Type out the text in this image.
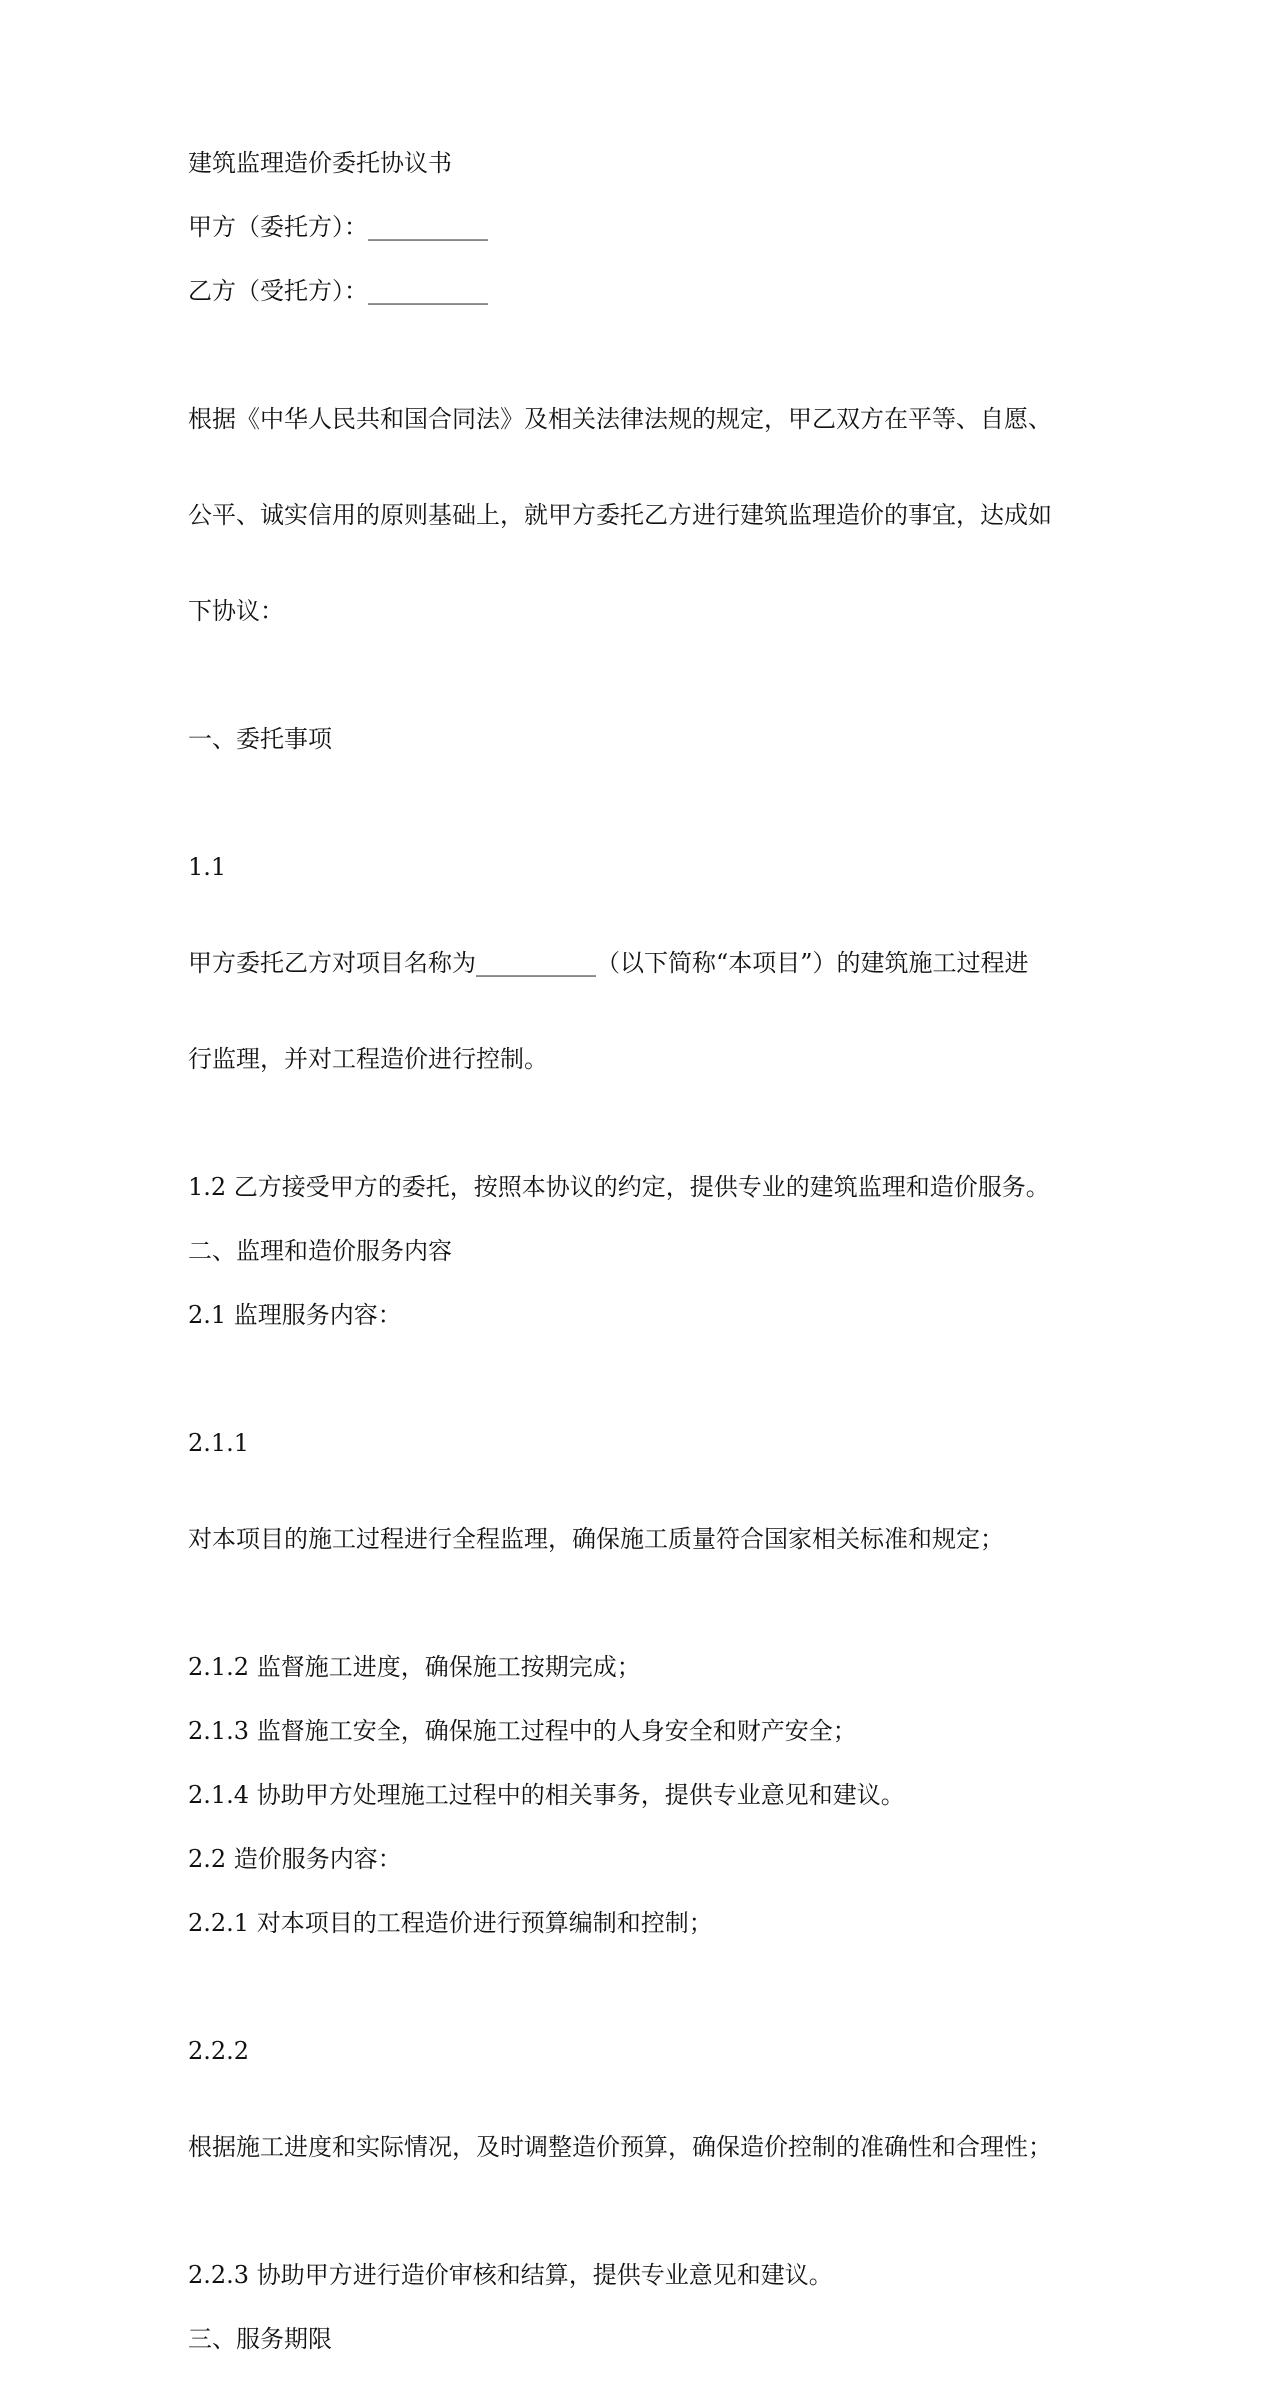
建筑监理造价委托协议书

甲方（委托方）：__________

乙方（受托方）：__________

根据《中华人民共和国合同法》及相关法律法规的规定，甲乙双方在平等、自愿、

公平、诚实信用的原则基础上，就甲方委托乙方进行建筑监理造价的事宜，达成如

下协议：

一、委托事项

1.1

甲方委托乙方对项目名称为__________（以下简称“本项目”）的建筑施工过程进

行监理，并对工程造价进行控制。

1.2 乙方接受甲方的委托，按照本协议的约定，提供专业的建筑监理和造价服务。

二、监理和造价服务内容

2.1 监理服务内容：

2.1.1

对本项目的施工过程进行全程监理，确保施工质量符合国家相关标准和规定；

2.1.2 监督施工进度，确保施工按期完成；

2.1.3 监督施工安全，确保施工过程中的人身安全和财产安全；

2.1.4 协助甲方处理施工过程中的相关事务，提供专业意见和建议。

2.2 造价服务内容：

2.2.1 对本项目的工程造价进行预算编制和控制；

2.2.2

根据施工进度和实际情况，及时调整造价预算，确保造价控制的准确性和合理性；

2.2.3 协助甲方进行造价审核和结算，提供专业意见和建议。

三、服务期限
